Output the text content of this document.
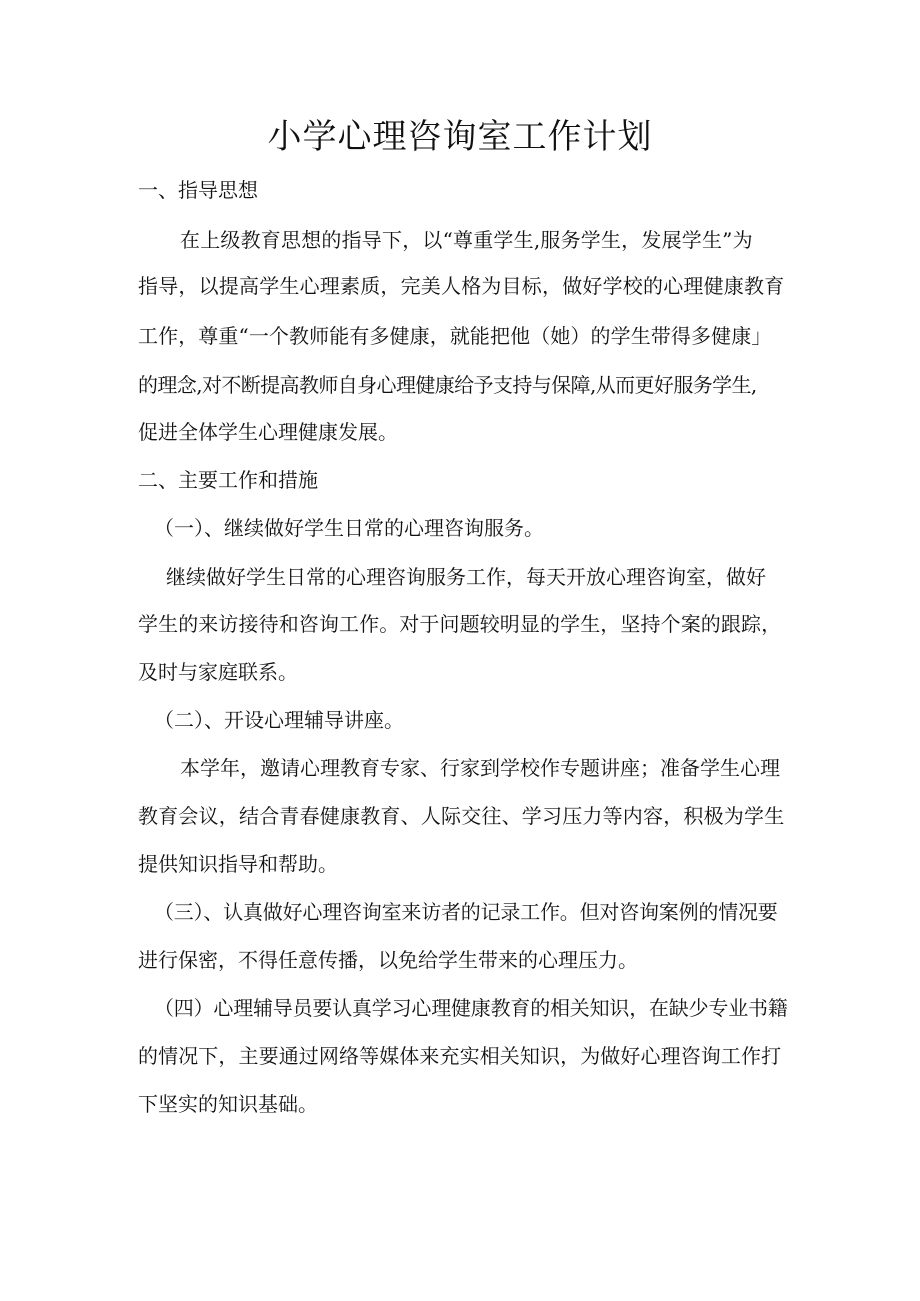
小学心理咨询室工作计划

一、指导思想

在上级教育思想的指导下，以“尊重学生,服务学生，发展学生”为

指导，以提高学生心理素质，完美人格为目标，做好学校的心理健康教育

工作，尊重“一个教师能有多健康，就能把他（她）的学生带得多健康」

的理念,对不断提高教师自身心理健康给予支持与保障,从而更好服务学生,

促进全体学生心理健康发展。

二、主要工作和措施

（一）、继续做好学生日常的心理咨询服务。

继续做好学生日常的心理咨询服务工作，每天开放心理咨询室，做好

学生的来访接待和咨询工作。对于问题较明显的学生，坚持个案的跟踪，

及时与家庭联系。

（二）、开设心理辅导讲座。

本学年，邀请心理教育专家、行家到学校作专题讲座；准备学生心理

教育会议，结合青春健康教育、人际交往、学习压力等内容，积极为学生

提供知识指导和帮助。

（三）、认真做好心理咨询室来访者的记录工作。但对咨询案例的情况要

进行保密，不得任意传播，以免给学生带来的心理压力。

（四）心理辅导员要认真学习心理健康教育的相关知识，在缺少专业书籍

的情况下，主要通过网络等媒体来充实相关知识，为做好心理咨询工作打

下坚实的知识基础。
